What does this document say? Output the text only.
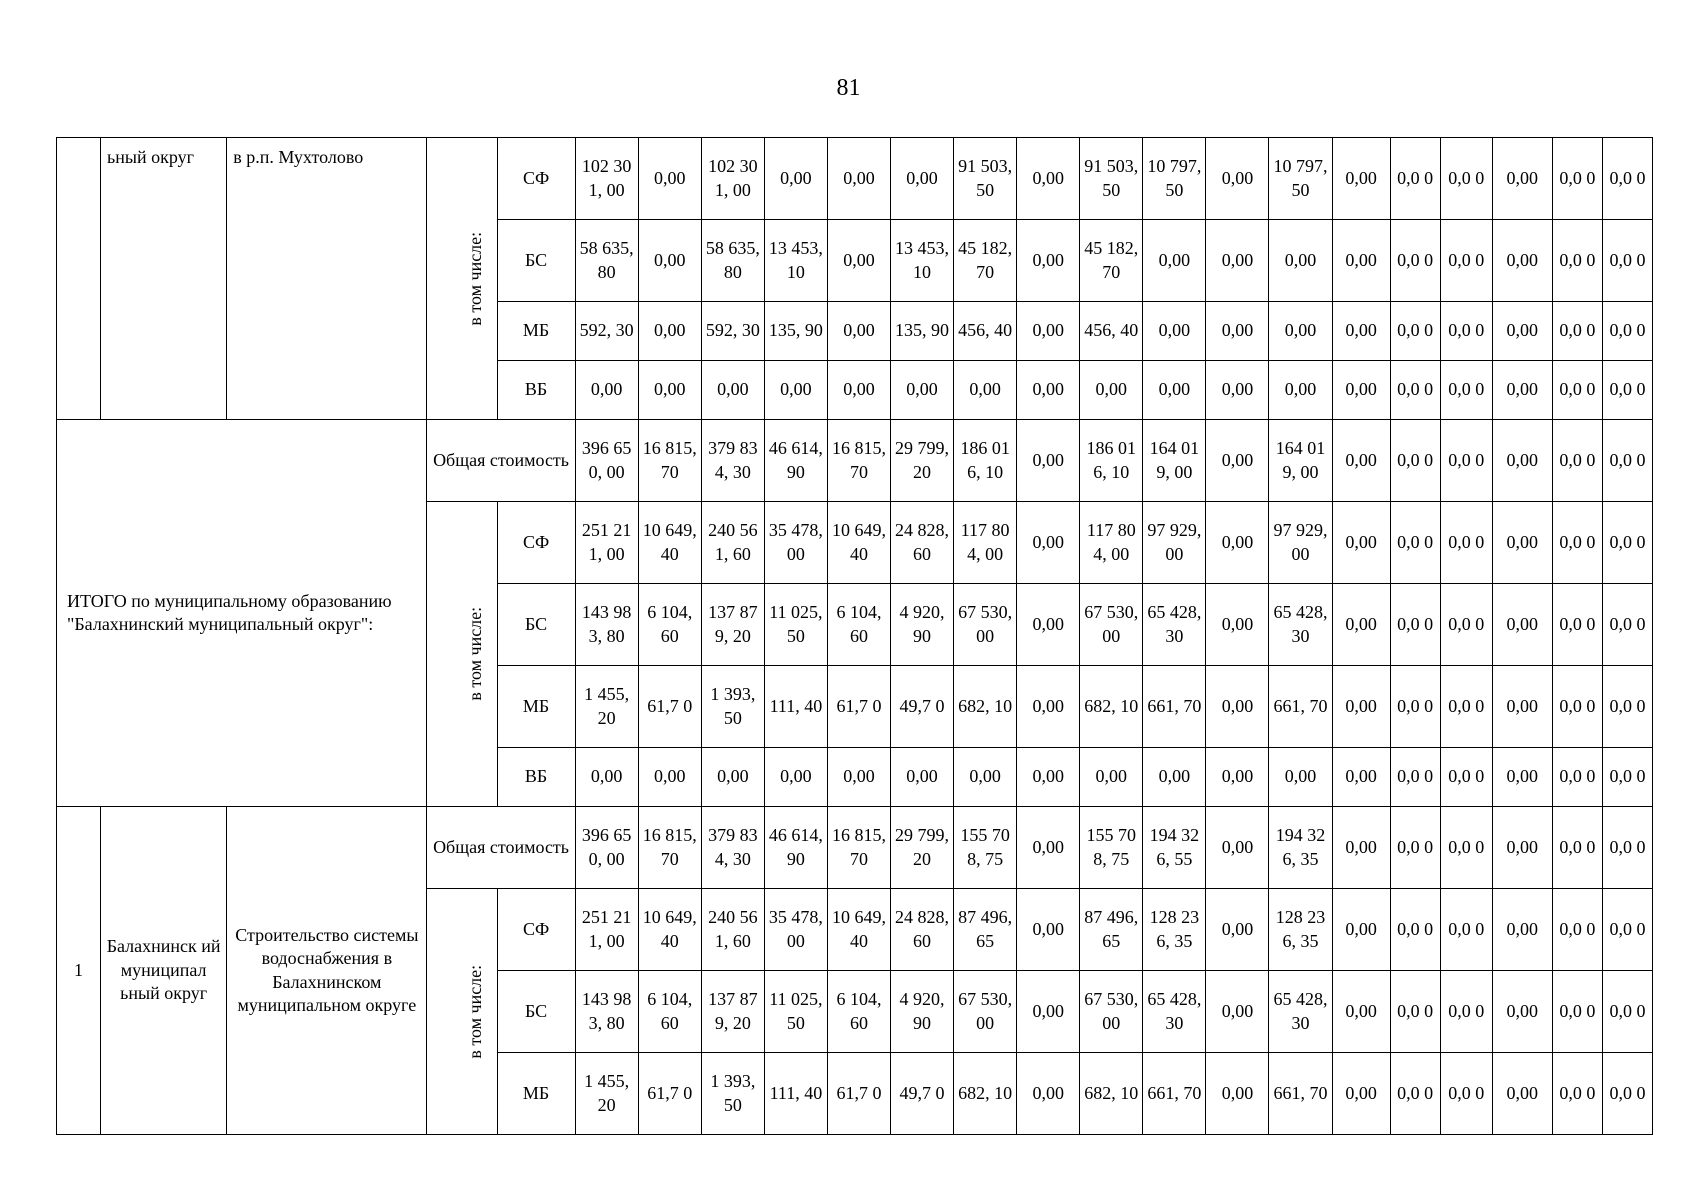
81
	ьный округ	в р.п. Мухтолово	в том числе:	СФ	102 301, 00	0,00	102 301, 00	0,00	0,00	0,00	91 503, 50	0,00	91 503, 50	10 797, 50	0,00	10 797, 50	0,00	0,0 0	0,0 0	0,00	0,0 0	0,0 0
				БС	58 635, 80	0,00	58 635, 80	13 453, 10	0,00	13 453, 10	45 182, 70	0,00	45 182, 70	0,00	0,00	0,00	0,00	0,0 0	0,0 0	0,00	0,0 0	0,0 0
				МБ	592, 30	0,00	592, 30	135, 90	0,00	135, 90	456, 40	0,00	456, 40	0,00	0,00	0,00	0,00	0,0 0	0,0 0	0,00	0,0 0	0,0 0
				ВБ	0,00	0,00	0,00	0,00	0,00	0,00	0,00	0,00	0,00	0,00	0,00	0,00	0,00	0,0 0	0,0 0	0,00	0,0 0	0,0 0
ИТОГО по муниципальному образованию "Балахнинский муниципальный округ":			Общая стоимость		396 650, 00	16 815, 70	379 834, 30	46 614, 90	16 815, 70	29 799, 20	186 016, 10	0,00	186 016, 10	164 019, 00	0,00	164 019, 00	0,00	0,0 0	0,0 0	0,00	0,0 0	0,0 0
			в том числе:	СФ	251 211, 00	10 649, 40	240 561, 60	35 478, 00	10 649, 40	24 828, 60	117 804, 00	0,00	117 804, 00	97 929, 00	0,00	97 929, 00	0,00	0,0 0	0,0 0	0,00	0,0 0	0,0 0
				БС	143 983, 80	6 104, 60	137 879, 20	11 025, 50	6 104, 60	4 920, 90	67 530, 00	0,00	67 530, 00	65 428, 30	0,00	65 428, 30	0,00	0,0 0	0,0 0	0,00	0,0 0	0,0 0
				МБ	1 455, 20	61,7 0	1 393, 50	111, 40	61,7 0	49,7 0	682, 10	0,00	682, 10	661, 70	0,00	661, 70	0,00	0,0 0	0,0 0	0,00	0,0 0	0,0 0
				ВБ	0,00	0,00	0,00	0,00	0,00	0,00	0,00	0,00	0,00	0,00	0,00	0,00	0,00	0,0 0	0,0 0	0,00	0,0 0	0,0 0
1	Балахнинск ий муниципал ьный округ	Строительство системы водоснабжения в Балахнинском муниципальном округе	Общая стоимость		396 650, 00	16 815, 70	379 834, 30	46 614, 90	16 815, 70	29 799, 20	155 708, 75	0,00	155 708, 75	194 326, 55	0,00	194 326, 35	0,00	0,0 0	0,0 0	0,00	0,0 0	0,0 0
			в том числе:	СФ	251 211, 00	10 649, 40	240 561, 60	35 478, 00	10 649, 40	24 828, 60	87 496, 65	0,00	87 496, 65	128 236, 35	0,00	128 236, 35	0,00	0,0 0	0,0 0	0,00	0,0 0	0,0 0
				БС	143 983, 80	6 104, 60	137 879, 20	11 025, 50	6 104, 60	4 920, 90	67 530, 00	0,00	67 530, 00	65 428, 30	0,00	65 428, 30	0,00	0,0 0	0,0 0	0,00	0,0 0	0,0 0
				МБ	1 455, 20	61,7 0	1 393, 50	111, 40	61,7 0	49,7 0	682, 10	0,00	682, 10	661, 70	0,00	661, 70	0,00	0,0 0	0,0 0	0,00	0,0 0	0,0 0
